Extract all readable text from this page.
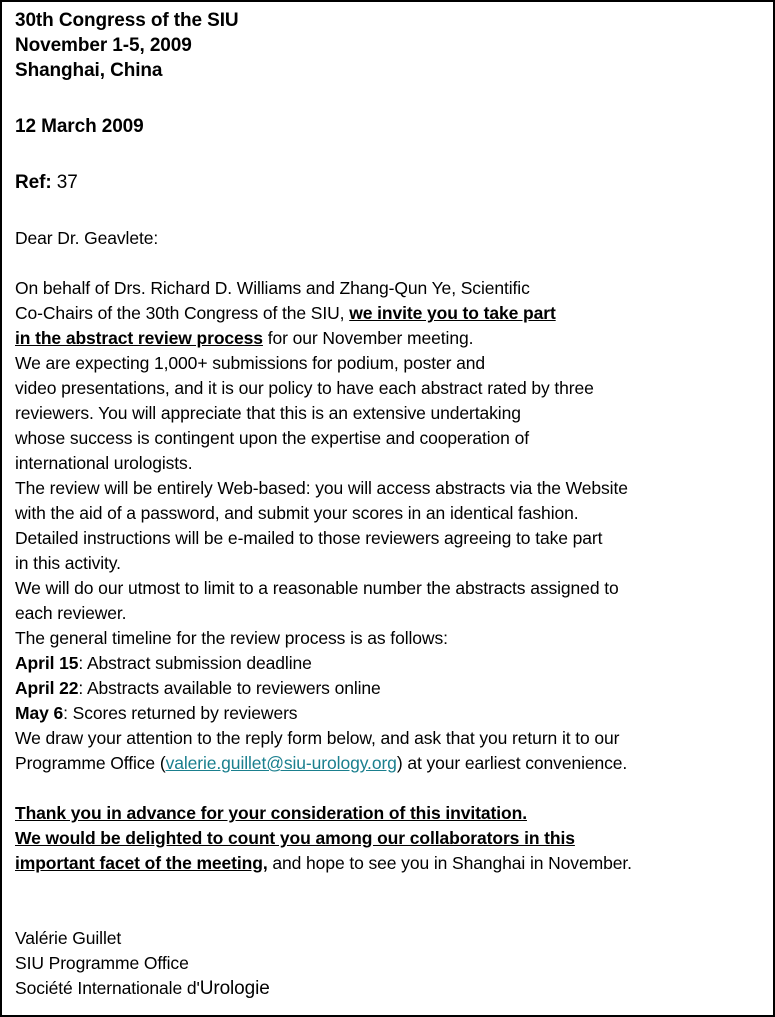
30th Congress of the SIU
November 1-5, 2009
Shanghai, China
12 March 2009
Ref: 37
Dear Dr. Geavlete:
On behalf of Drs. Richard D. Williams and Zhang-Qun Ye, Scientific
Co-Chairs of the 30th Congress of the SIU, we invite you to take part
in the abstract review process for our November meeting.
We are expecting 1,000+ submissions for podium, poster and
video presentations, and it is our policy to have each abstract rated by three
reviewers. You will appreciate that this is an extensive undertaking
whose success is contingent upon the expertise and cooperation of
international urologists.
The review will be entirely Web-based: you will access abstracts via the Website
with the aid of a password, and submit your scores in an identical fashion.
Detailed instructions will be e-mailed to those reviewers agreeing to take part
in this activity.
We will do our utmost to limit to a reasonable number the abstracts assigned to
each reviewer.
The general timeline for the review process is as follows:
April 15: Abstract submission deadline
April 22: Abstracts available to reviewers online
May 6: Scores returned by reviewers
We draw your attention to the reply form below, and ask that you return it to our
Programme Office (valerie.guillet@siu-urology.org) at your earliest convenience.
Thank you in advance for your consideration of this invitation.
We would be delighted to count you among our collaborators in this
important facet of the meeting, and hope to see you in Shanghai in November.
Valérie Guillet
SIU Programme Office
Société Internationale d'Urologie
